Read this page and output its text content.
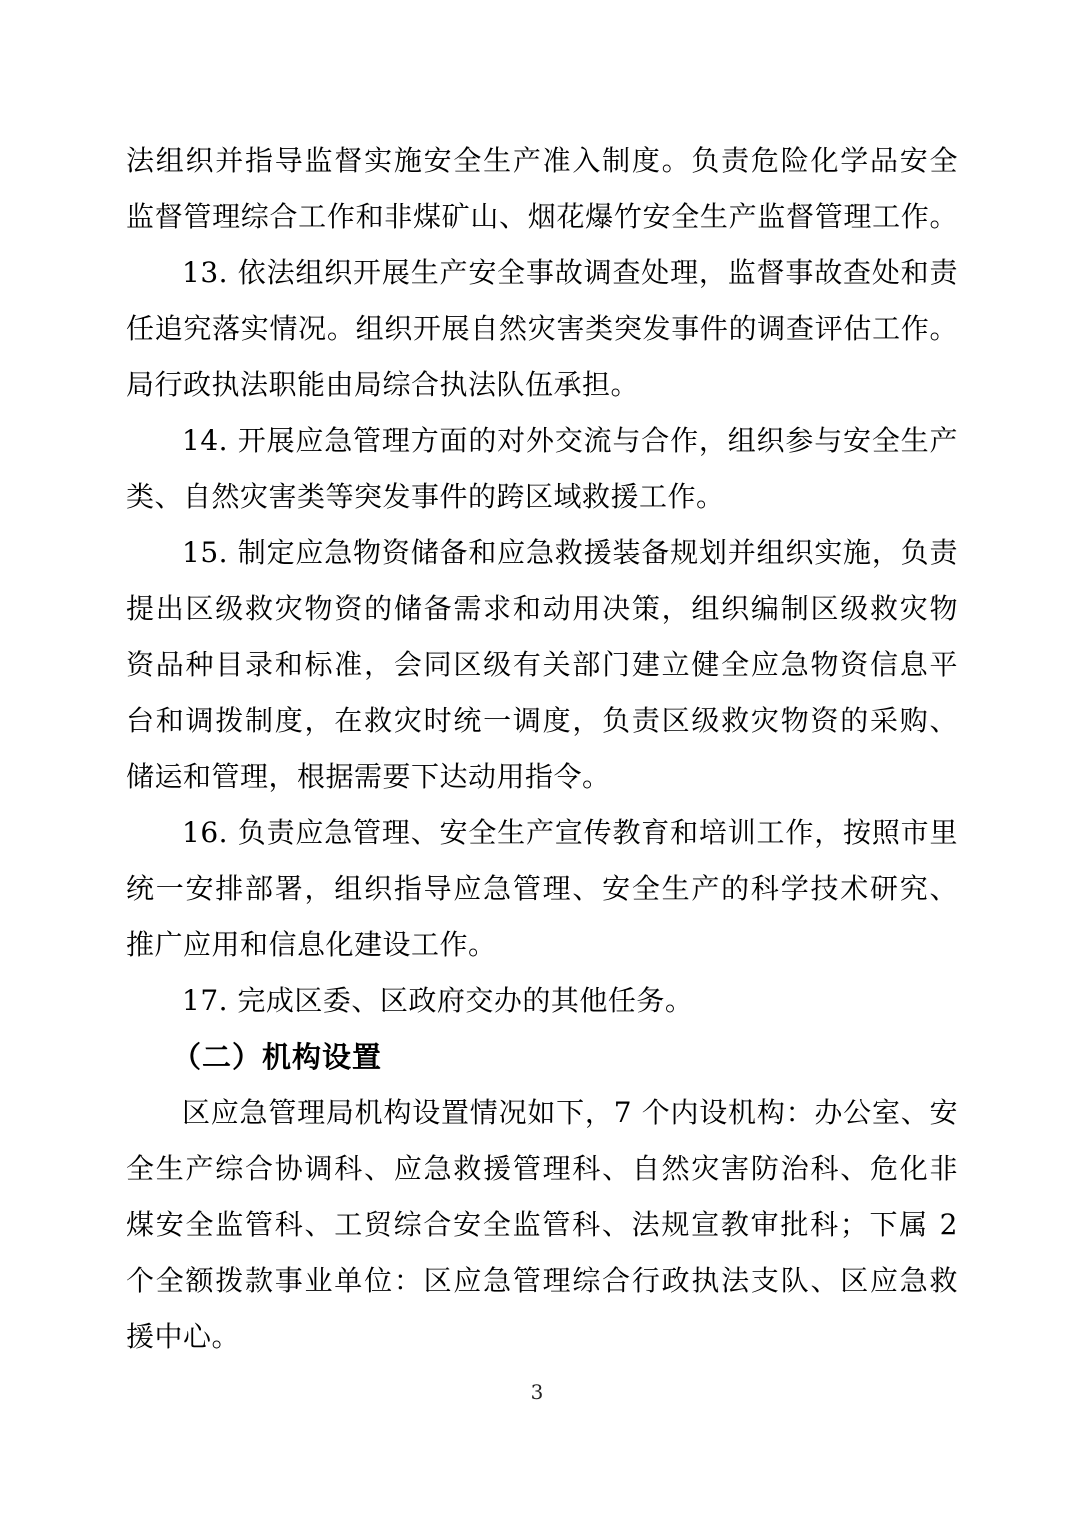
法组织并指导监督实施安全生产准入制度。负责危险化学品安全
监督管理综合工作和非煤矿山、烟花爆竹安全生产监督管理工作。
13. 依法组织开展生产安全事故调查处理，监督事故查处和责
任追究落实情况。组织开展自然灾害类突发事件的调查评估工作。
局行政执法职能由局综合执法队伍承担。
14. 开展应急管理方面的对外交流与合作，组织参与安全生产
类、自然灾害类等突发事件的跨区域救援工作。
15. 制定应急物资储备和应急救援装备规划并组织实施，负责
提出区级救灾物资的储备需求和动用决策，组织编制区级救灾物
资品种目录和标准，会同区级有关部门建立健全应急物资信息平
台和调拨制度，在救灾时统一调度，负责区级救灾物资的采购、
储运和管理，根据需要下达动用指令。
16. 负责应急管理、安全生产宣传教育和培训工作，按照市里
统一安排部署，组织指导应急管理、安全生产的科学技术研究、
推广应用和信息化建设工作。
17. 完成区委、区政府交办的其他任务。
（二）机构设置
区应急管理局机构设置情况如下，7 个内设机构：办公室、安
全生产综合协调科、应急救援管理科、自然灾害防治科、危化非
煤安全监管科、工贸综合安全监管科、法规宣教审批科；下属 2
个全额拨款事业单位：区应急管理综合行政执法支队、区应急救
援中心。
3
